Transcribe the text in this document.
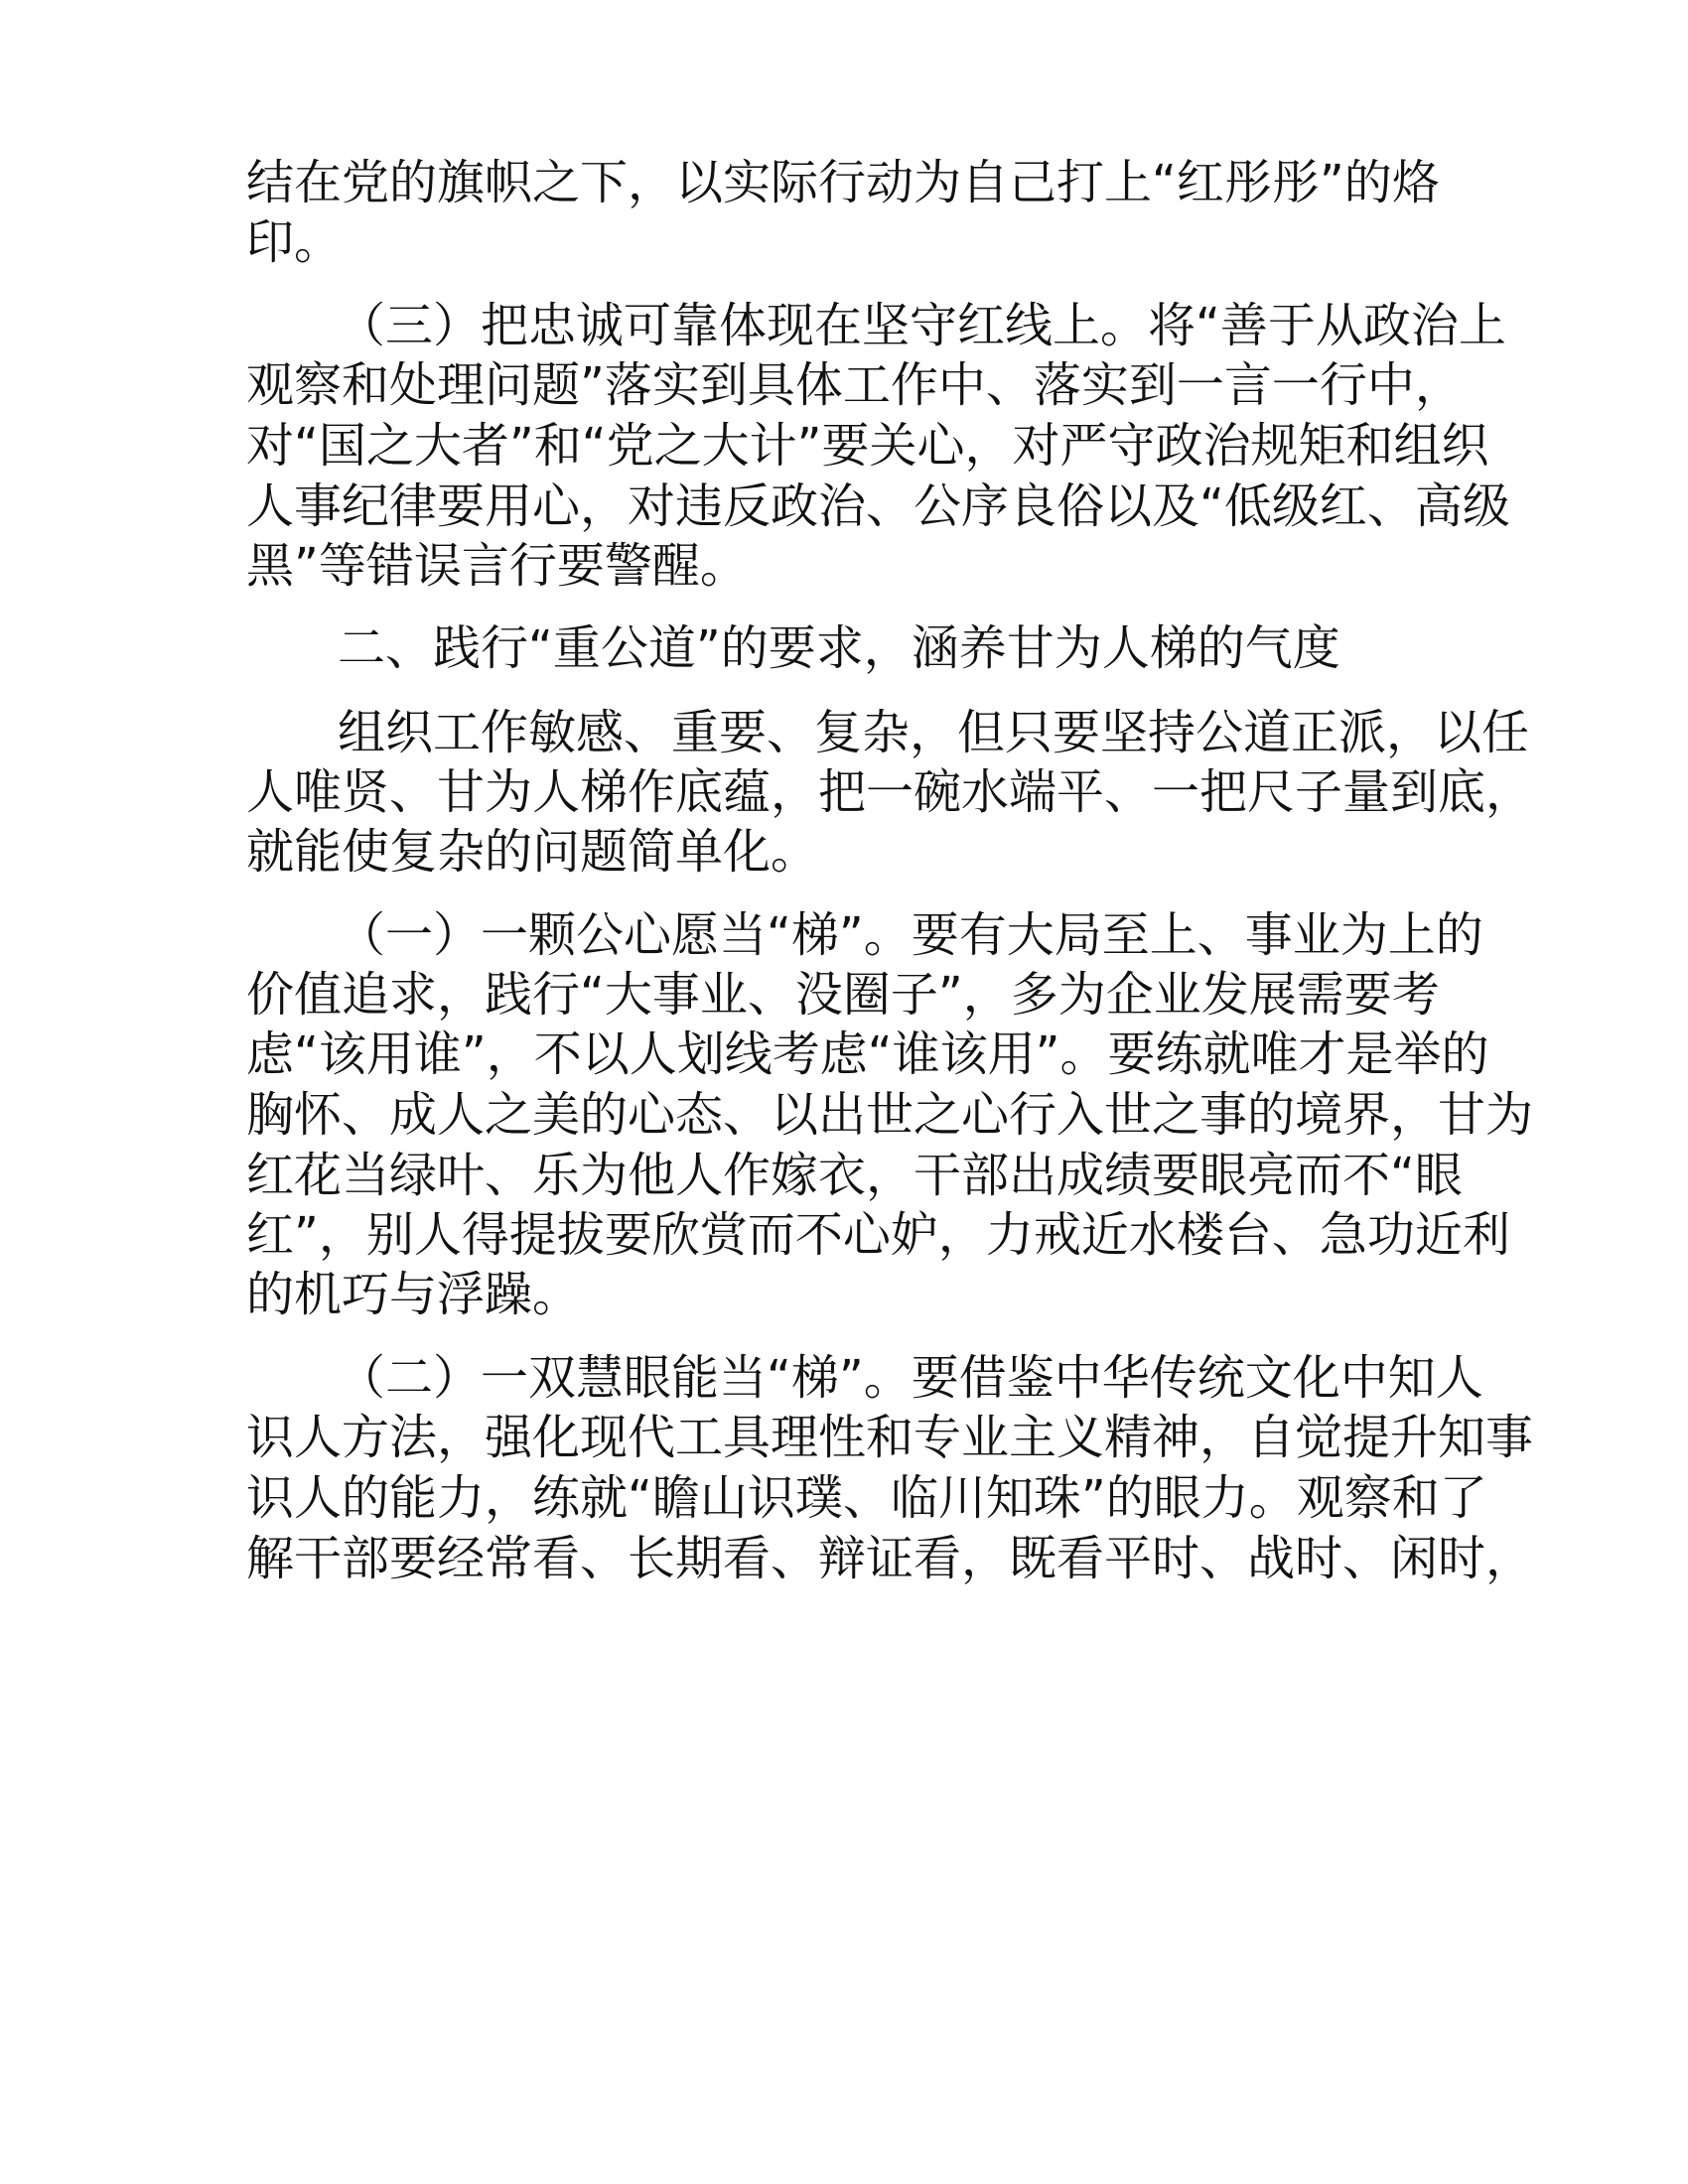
结在党的旗帜之下，以实际行动为自己打上“红彤彤”的烙
印。
（三）把忠诚可靠体现在坚守红线上。将“善于从政治上
观察和处理问题”落实到具体工作中、落实到一言一行中，
对“国之大者”和“党之大计”要关心，对严守政治规矩和组织
人事纪律要用心，对违反政治、公序良俗以及“低级红、高级
黑”等错误言行要警醒。
二、践行“重公道”的要求，涵养甘为人梯的气度
组织工作敏感、重要、复杂，但只要坚持公道正派，以任
人唯贤、甘为人梯作底蕴，把一碗水端平、一把尺子量到底，
就能使复杂的问题简单化。
（一）一颗公心愿当“梯”。要有大局至上、事业为上的
价值追求，践行“大事业、没圈子”，多为企业发展需要考
虑“该用谁”，不以人划线考虑“谁该用”。要练就唯才是举的
胸怀、成人之美的心态、以出世之心行入世之事的境界，甘为
红花当绿叶、乐为他人作嫁衣，干部出成绩要眼亮而不“眼
红”，别人得提拔要欣赏而不心妒，力戒近水楼台、急功近利
的机巧与浮躁。
（二）一双慧眼能当“梯”。要借鉴中华传统文化中知人
识人方法，强化现代工具理性和专业主义精神，自觉提升知事
识人的能力，练就“瞻山识璞、临川知珠”的眼力。观察和了
解干部要经常看、长期看、辩证看，既看平时、战时、闲时，
